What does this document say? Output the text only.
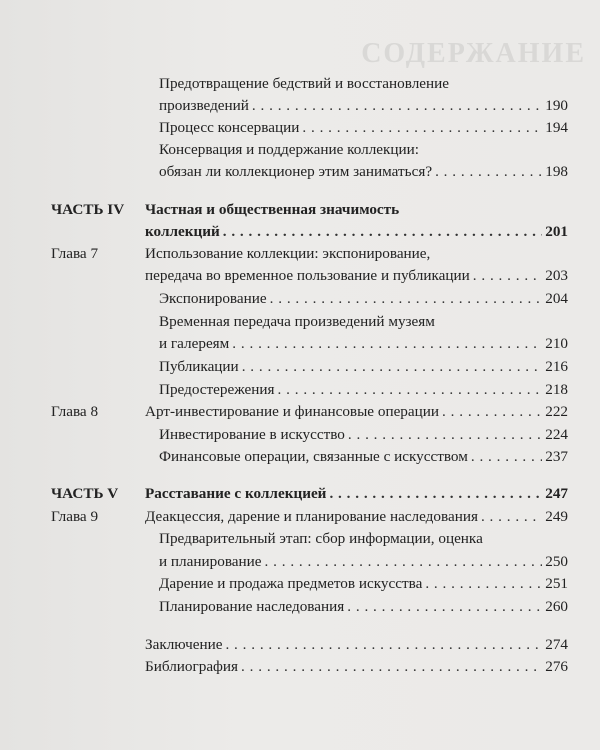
СОДЕРЖАНИЕ
Предотвращение бедствий и восстановление
произведений . . .	190
Процесс консервации . . .	194
Консервация и поддержание коллекции:
обязан ли коллекционер этим заниматься? . . .	198
ЧАСТЬ IV Частная и общественная значимость
коллекций . . .	201
Глава 7	Использование коллекции: экспонирование,
передача во временное пользование и публикации . . .	203
Экспонирование . . .	204
Временная передача произведений музеям
и галереям . . .	210
Публикации . . .	216
Предостережения . . .	218
Глава 8	Арт-инвестирование и финансовые операции . . .	222
Инвестирование в искусство . . .	224
Финансовые операции, связанные с искусством . . .	237
ЧАСТЬ V Расставание с коллекцией . . .	247
Глава 9	Деакцессия, дарение и планирование наследования . . .	249
Предварительный этап: сбор информации, оценка
и планирование . . .	250
Дарение и продажа предметов искусства . . .	251
Планирование наследования . . .	260
Заключение . . .	274
Библиография . . .	276
